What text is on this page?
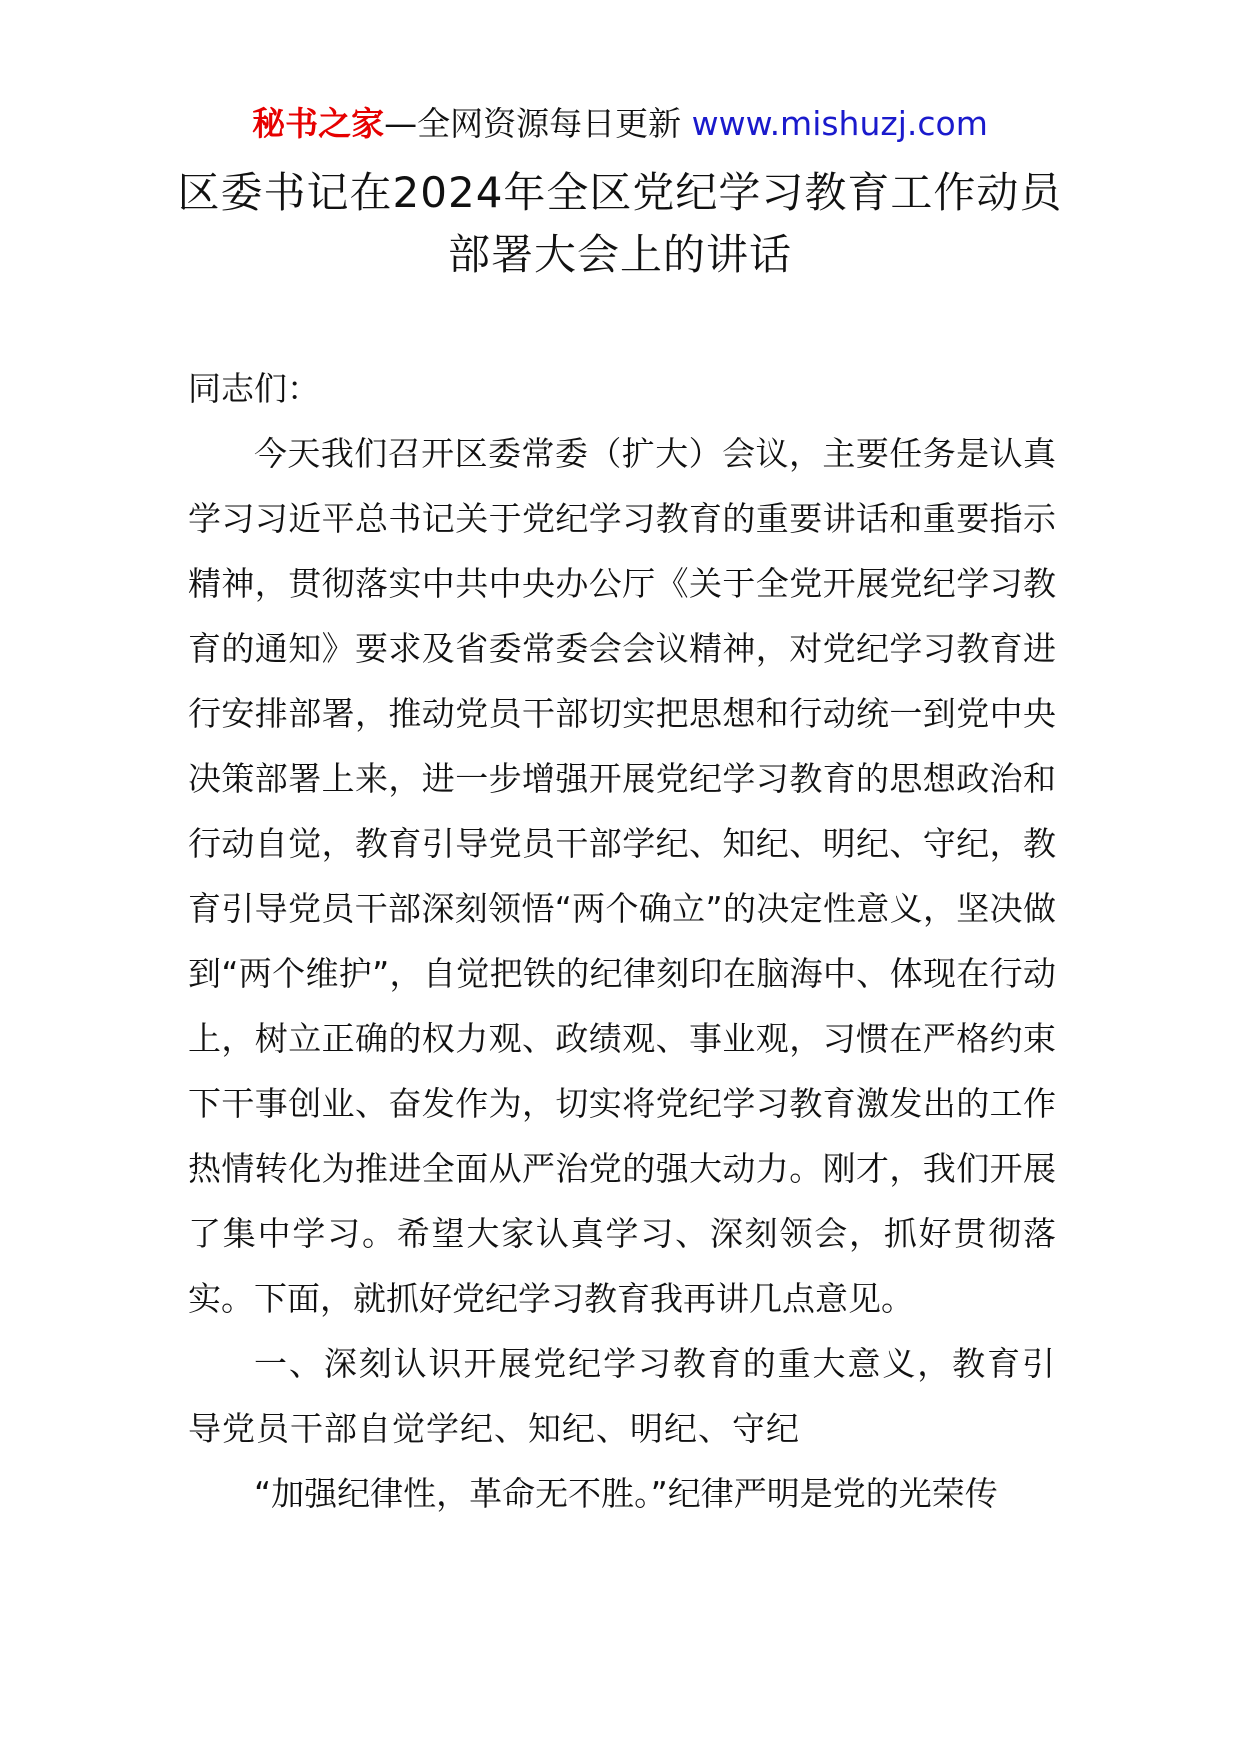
秘书之家—全网资源每日更新 www.mishuzj.com
区委书记在2024年全区党纪学习教育工作动员
部署大会上的讲话

同志们：

今天我们召开区委常委（扩大）会议，主要任务是认真学习习近平总书记关于党纪学习教育的重要讲话和重要指示精神，贯彻落实中共中央办公厅《关于全党开展党纪学习教育的通知》要求及省委常委会会议精神，对党纪学习教育进行安排部署，推动党员干部切实把思想和行动统一到党中央决策部署上来，进一步增强开展党纪学习教育的思想政治和行动自觉，教育引导党员干部学纪、知纪、明纪、守纪，教育引导党员干部深刻领悟“两个确立”的决定性意义，坚决做到“两个维护”，自觉把铁的纪律刻印在脑海中、体现在行动上，树立正确的权力观、政绩观、事业观，习惯在严格约束下干事创业、奋发作为，切实将党纪学习教育激发出的工作热情转化为推进全面从严治党的强大动力。刚才，我们开展了集中学习。希望大家认真学习、深刻领会，抓好贯彻落实。下面，就抓好党纪学习教育我再讲几点意见。

一、深刻认识开展党纪学习教育的重大意义，教育引导党员干部自觉学纪、知纪、明纪、守纪

“加强纪律性，革命无不胜。”纪律严明是党的光荣传
